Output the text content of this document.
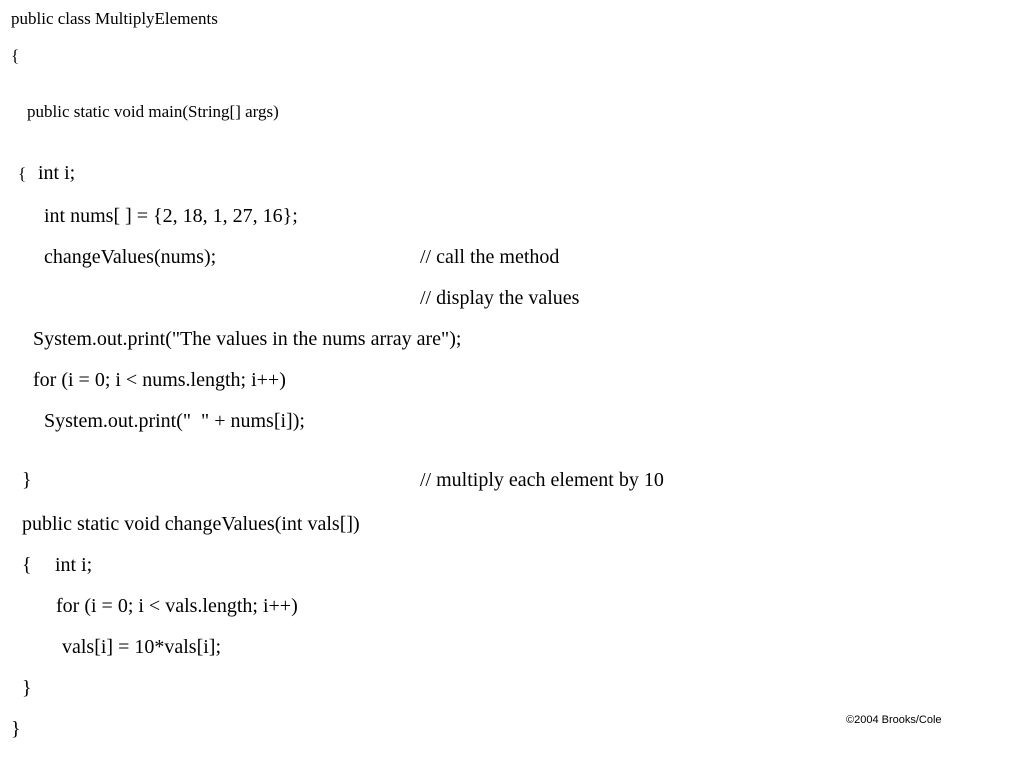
public class MultiplyElements
{
public static void main(String[] args)
{ int i;
int nums[ ] = {2, 18, 1, 27, 16};
changeValues(nums);	// call the method
// display the values
System.out.print("The values in the nums array are");
for (i = 0; i < nums.length; i++)
System.out.print("  " + nums[i]);
}	// multiply each element by 10
public static void changeValues(int vals[])
{ int i;
for (i = 0; i < vals.length; i++)
vals[i] = 10*vals[i];
}
}	©2004 Brooks/Cole
